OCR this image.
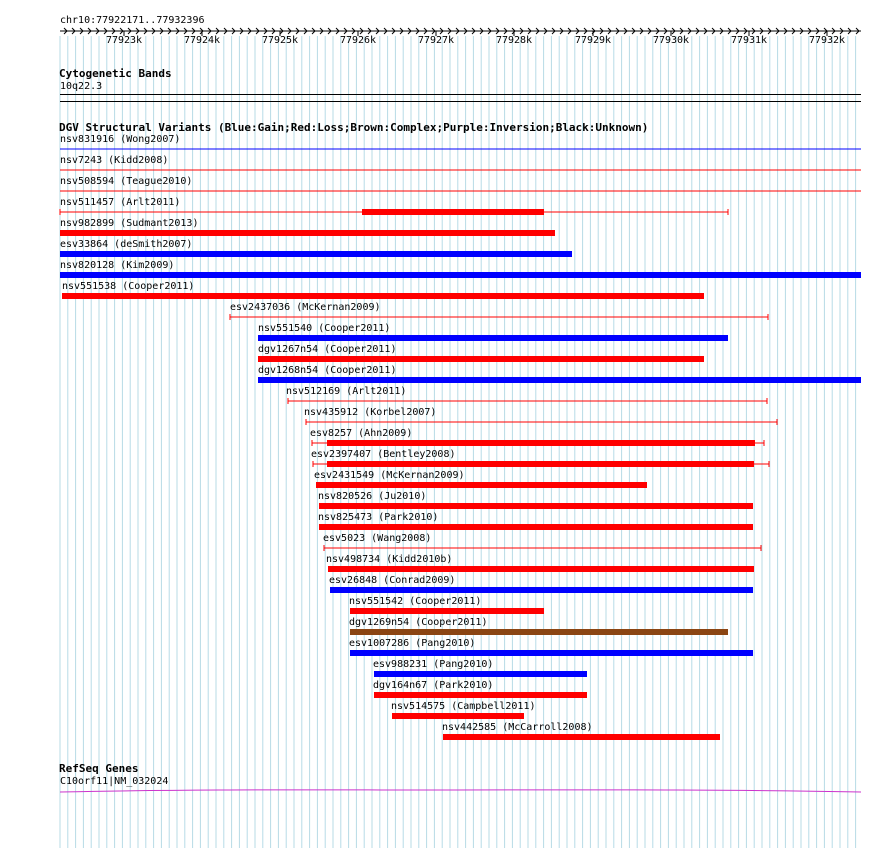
chr10:77922171..77932396
77923k	77924k	77925k	77926k	77927k	77928k	77929k	77930k	77931k	77932k
Cytogenetic Bands
10q22.3
DGV Structural Variants (Blue:Gain;Red:Loss;Brown:Complex;Purple:Inversion;Black:Unknown)
nsv831916 (Wong2007)
nsv7243 (Kidd2008)
nsv508594 (Teague2010)
nsv511457 (Arlt2011)
nsv982899 (Sudmant2013)
esv33864 (deSmith2007)
nsv820128 (Kim2009)
nsv551538 (Cooper2011)
esv2437036 (McKernan2009)
nsv551540 (Cooper2011)
dgv1267n54 (Cooper2011)
dgv1268n54 (Cooper2011)
nsv512169 (Arlt2011)
nsv435912 (Korbel2007)
esv8257 (Ahn2009)
esv2397407 (Bentley2008)
esv2431549 (McKernan2009)
nsv820526 (Ju2010)
nsv825473 (Park2010)
esv5023 (Wang2008)
nsv498734 (Kidd2010b)
esv26848 (Conrad2009)
nsv551542 (Cooper2011)
dgv1269n54 (Cooper2011)
esv1007286 (Pang2010)
esv988231 (Pang2010)
dgv164n67 (Park2010)
nsv514575 (Campbell2011)
nsv442585 (McCarroll2008)
RefSeq Genes
C10orf11|NM_032024
